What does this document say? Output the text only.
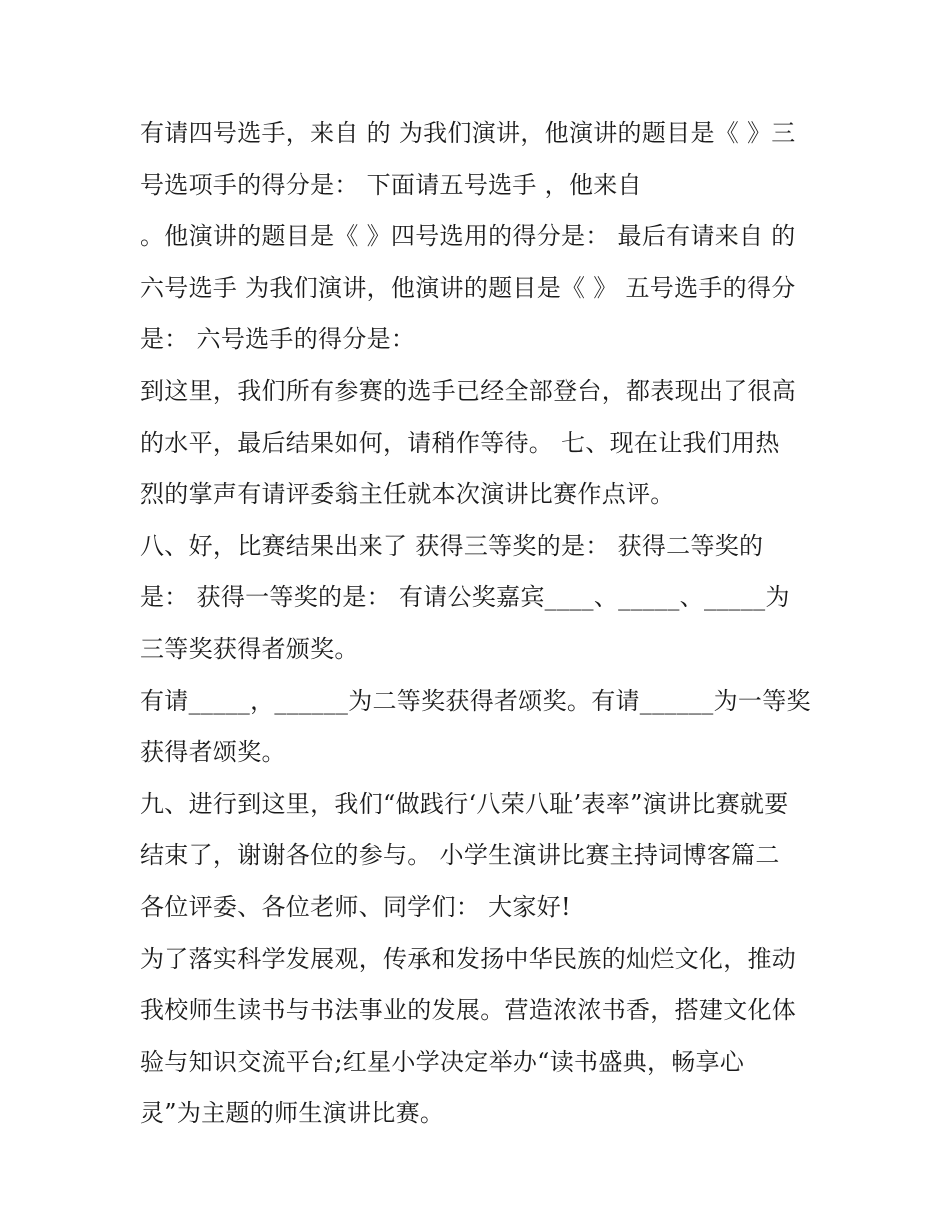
有请四号选手，来自 的 为我们演讲，他演讲的题目是《 》三
号选项手的得分是： 下面请五号选手 ，他来自
。他演讲的题目是《 》四号选用的得分是： 最后有请来自 的
六号选手 为我们演讲，他演讲的题目是《 》 五号选手的得分
是： 六号选手的得分是：
到这里，我们所有参赛的选手已经全部登台，都表现出了很高
的水平，最后结果如何，请稍作等待。 七、现在让我们用热
烈的掌声有请评委翁主任就本次演讲比赛作点评。
八、好，比赛结果出来了 获得三等奖的是： 获得二等奖的
是： 获得一等奖的是： 有请公奖嘉宾____、_____、_____为
三等奖获得者颁奖。
有请_____，______为二等奖获得者颂奖。有请______为一等奖
获得者颂奖。
九、进行到这里，我们“做践行‘八荣八耻’表率”演讲比赛就要
结束了，谢谢各位的参与。 小学生演讲比赛主持词博客篇二
各位评委、各位老师、同学们： 大家好!
为了落实科学发展观，传承和发扬中华民族的灿烂文化，推动
我校师生读书与书法事业的发展。营造浓浓书香，搭建文化体
验与知识交流平台;红星小学决定举办“读书盛典，畅享心
灵”为主题的师生演讲比赛。
